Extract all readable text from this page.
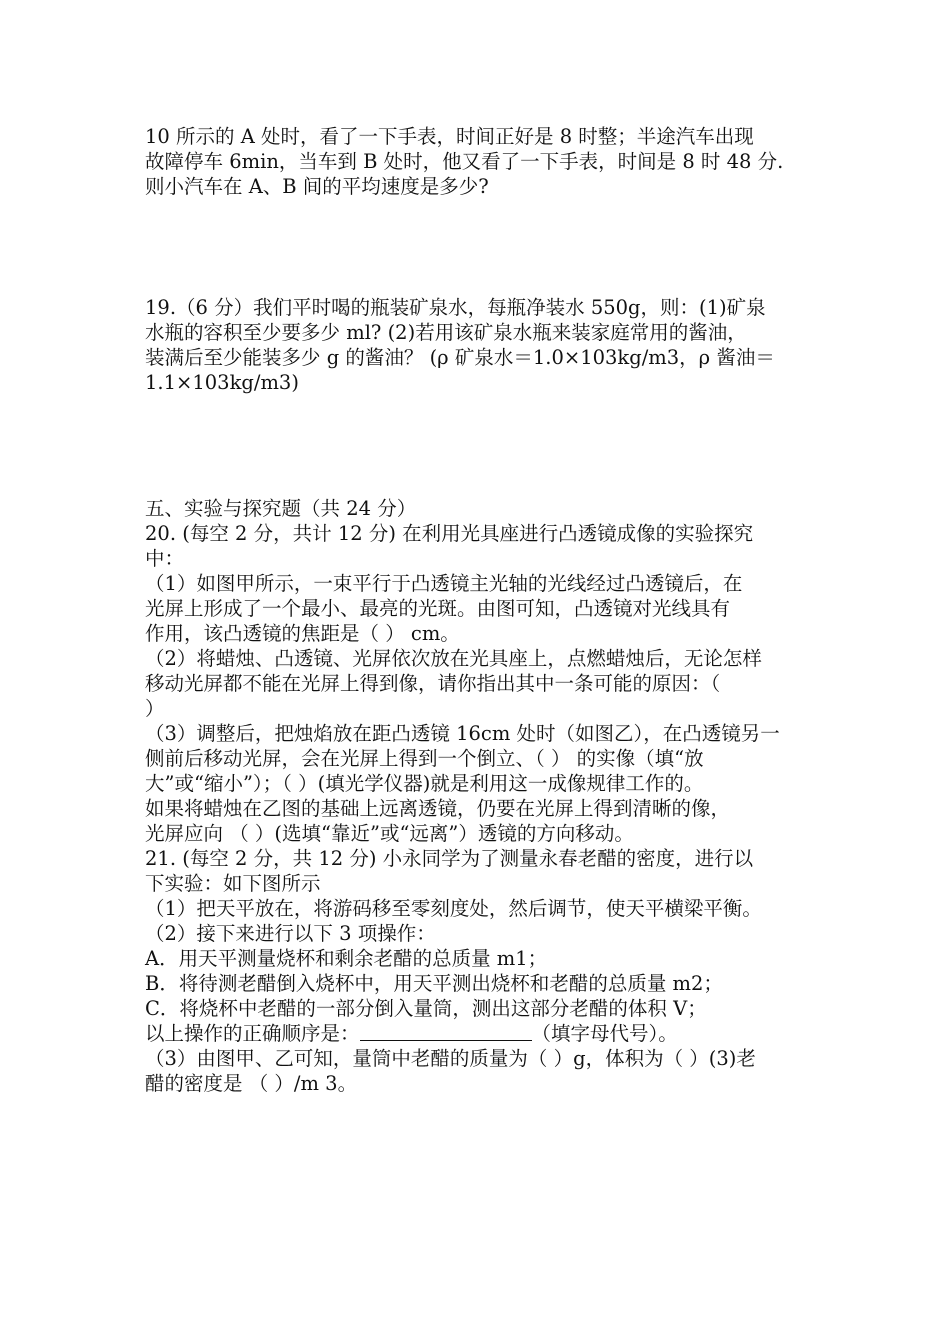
10 所示的 A 处时，看了一下手表，时间正好是 8 时整；半途汽车出现
故障停车 6min，当车到 B 处时，他又看了一下手表，时间是 8 时 48 分.
则小汽车在 A、B 间的平均速度是多少?
19.（6 分）我们平时喝的瓶装矿泉水，每瓶净装水 550g，则：(1)矿泉
水瓶的容积至少要多少 ml? (2)若用该矿泉水瓶来装家庭常用的酱油，
装满后至少能装多少 g 的酱油？ (ρ 矿泉水＝1.0×103kg/m3，ρ 酱油＝
1.1×103kg/m3)
五、实验与探究题（共 24 分）
20. (每空 2 分，共计 12 分) 在利用光具座进行凸透镜成像的实验探究
中：
（1）如图甲所示，一束平行于凸透镜主光轴的光线经过凸透镜后，在
光屏上形成了一个最小、最亮的光斑。由图可知，凸透镜对光线具有
作用，该凸透镜的焦距是（ ） cm。
（2）将蜡烛、凸透镜、光屏依次放在光具座上，点燃蜡烛后，无论怎样
移动光屏都不能在光屏上得到像，请你指出其中一条可能的原因：（
）
（3）调整后，把烛焰放在距凸透镜 16cm 处时（如图乙），在凸透镜另一
侧前后移动光屏，会在光屏上得到一个倒立、（ ） 的实像（填“放
大”或“缩小”）；（ ）(填光学仪器)就是利用这一成像规律工作的。
如果将蜡烛在乙图的基础上远离透镜，仍要在光屏上得到清晰的像，
光屏应向 （ ）(选填“靠近”或“远离”）透镜的方向移动。
21. (每空 2 分，共 12 分) 小永同学为了测量永春老醋的密度，进行以
下实验：如下图所示
（1）把天平放在，将游码移至零刻度处，然后调节，使天平横梁平衡。
（2）接下来进行以下 3 项操作：
A．用天平测量烧杯和剩余老醋的总质量 m1；
B．将待测老醋倒入烧杯中，用天平测出烧杯和老醋的总质量 m2；
C．将烧杯中老醋的一部分倒入量筒，测出这部分老醋的体积 V；
以上操作的正确顺序是：	（填字母代号）。
（3）由图甲、乙可知，量筒中老醋的质量为（ ）g，体积为（ ）(3)老
醋的密度是 （ ）/m 3。
